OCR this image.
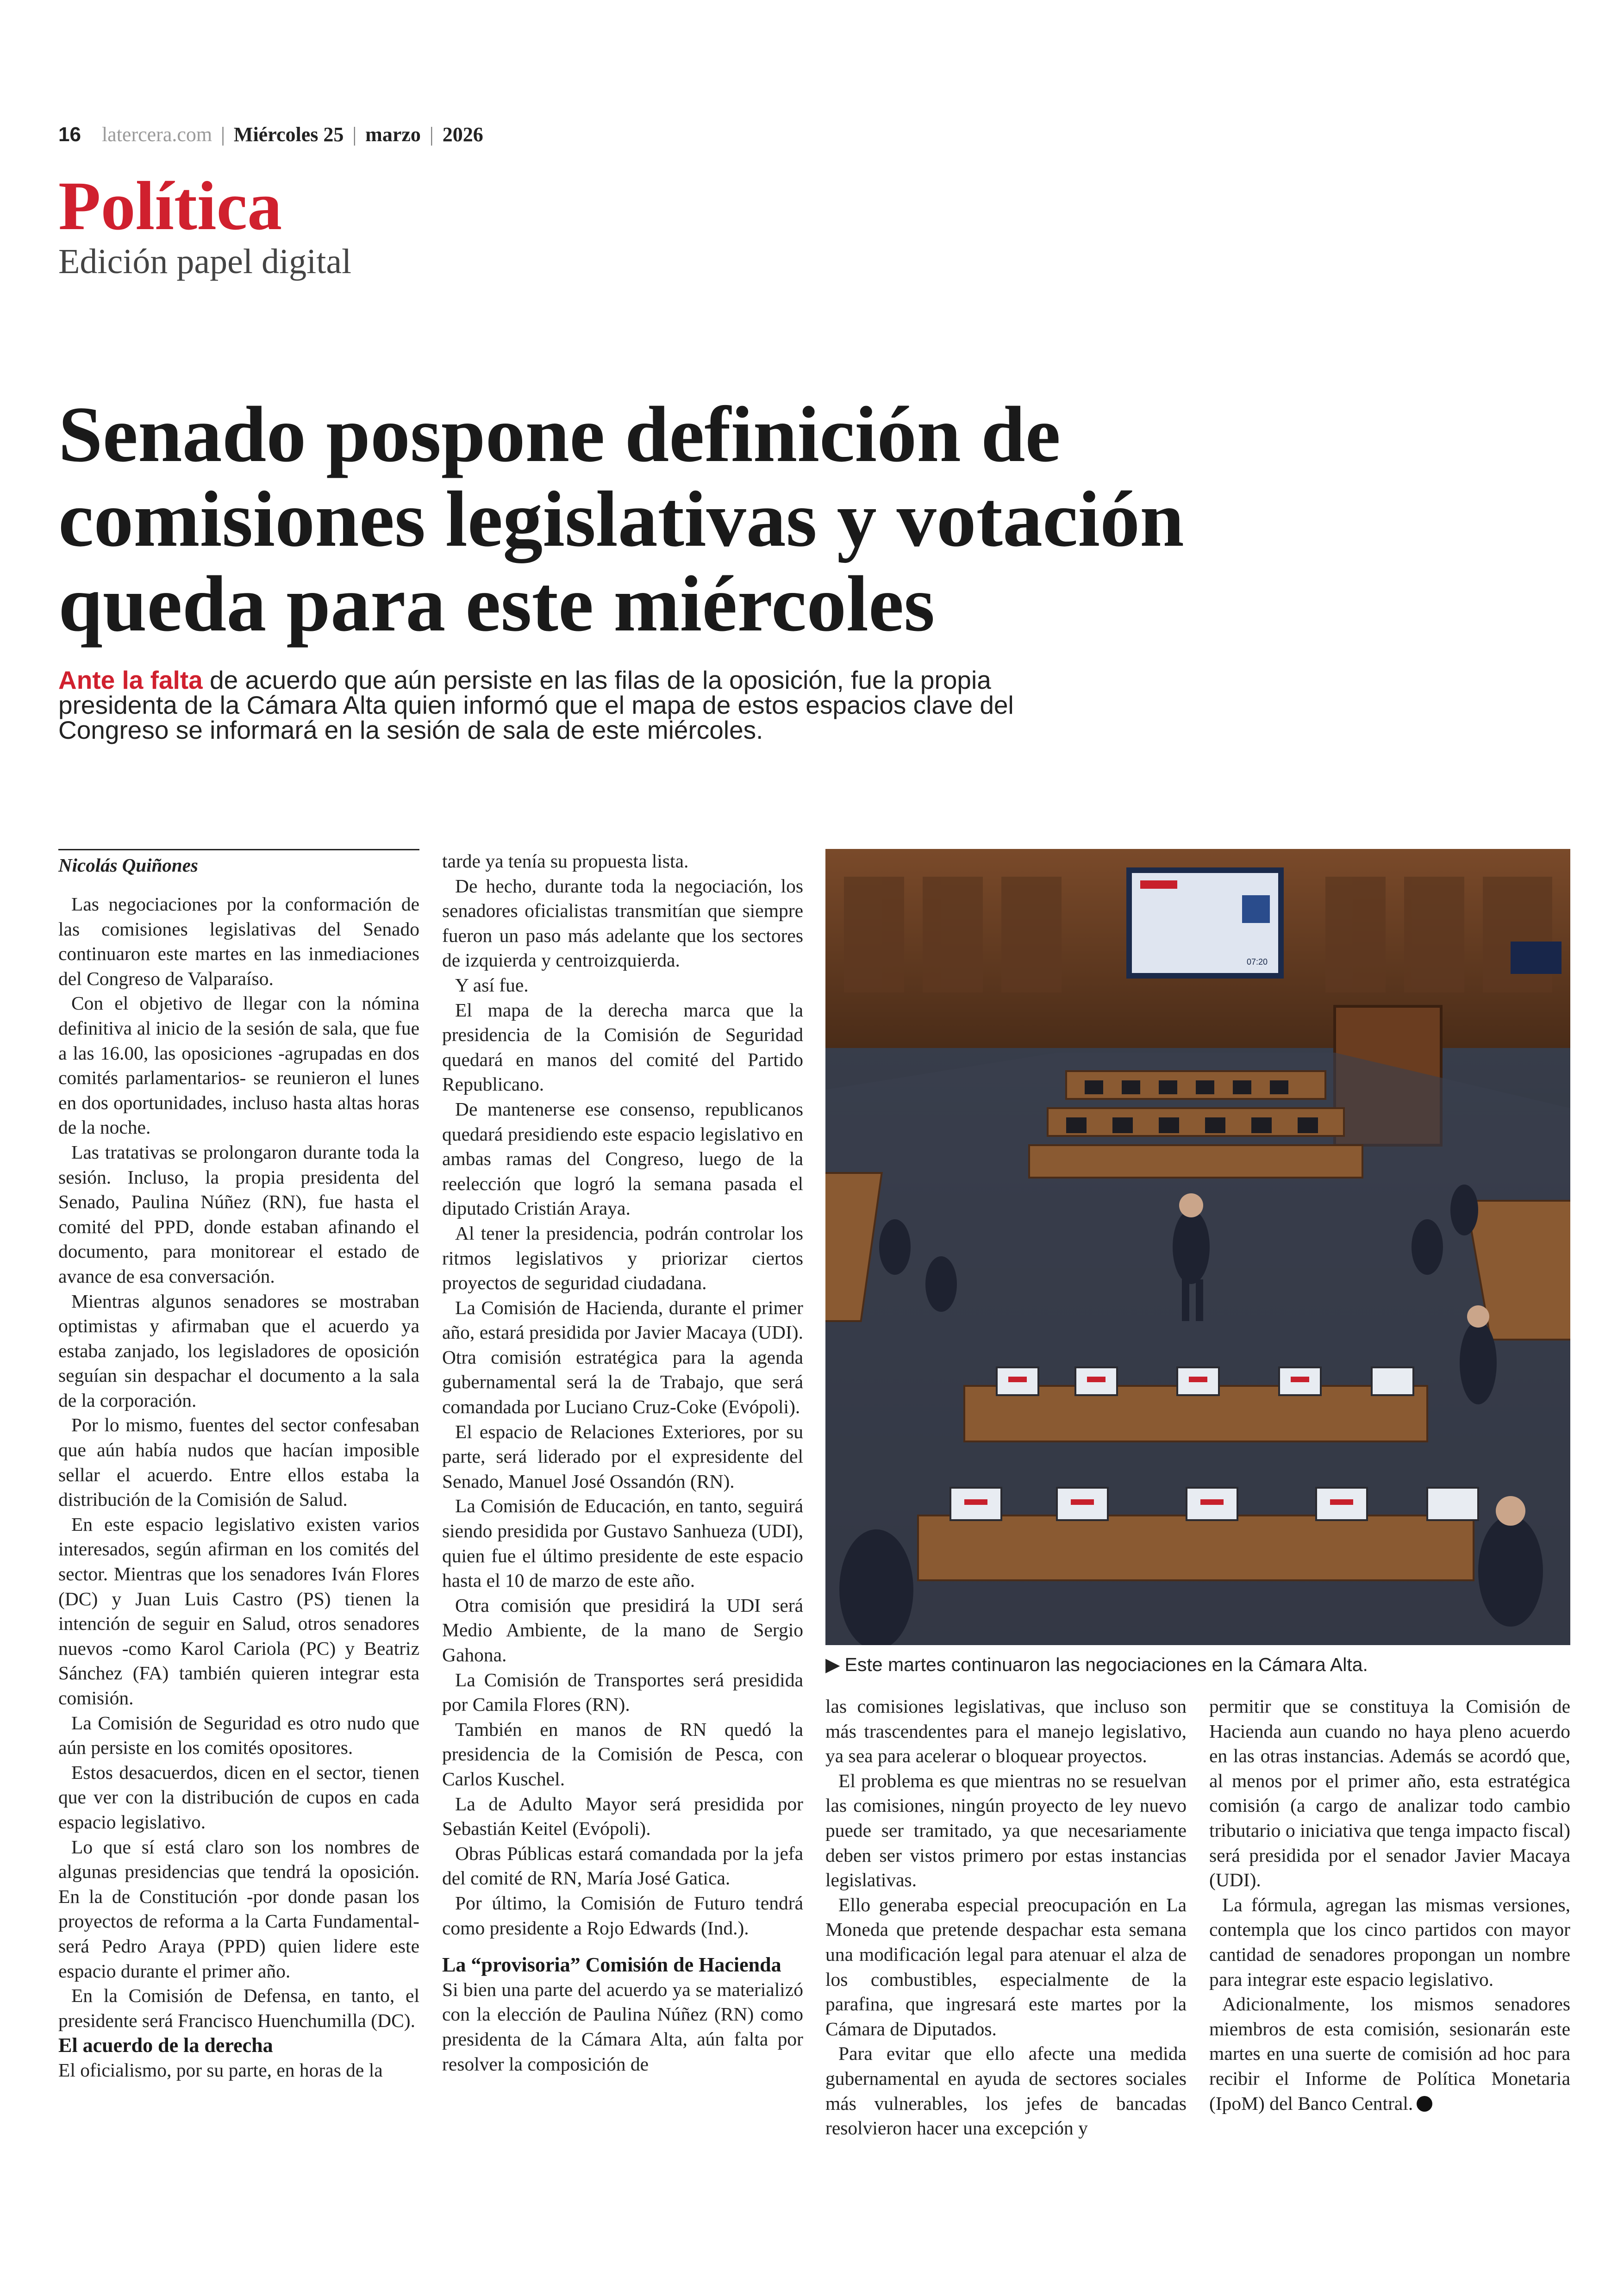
16 latercera.com | Miércoles 25 | marzo | 2026
Política
Edición papel digital
Senado pospone definición de comisiones legislativas y votación queda para este miércoles
Ante la falta de acuerdo que aún persiste en las filas de la oposición, fue la propia presidenta de la Cámara Alta quien informó que el mapa de estos espacios clave del Congreso se informará en la sesión de sala de este miércoles.
Nicolás Quiñones

Las negociaciones por la conformación de las comisiones legislativas del Senado continuaron este martes en las inmediaciones del Congreso de Valparaíso.

Con el objetivo de llegar con la nómina definitiva al inicio de la sesión de sala, que fue a las 16.00, las oposiciones -agrupadas en dos comités parlamentarios- se reunieron el lunes en dos oportunidades, incluso hasta altas horas de la noche.

Las tratativas se prolongaron durante toda la sesión. Incluso, la propia presidenta del Senado, Paulina Núñez (RN), fue hasta el comité del PPD, donde estaban afinando el documento, para monitorear el estado de avance de esa conversación.

Mientras algunos senadores se mostraban optimistas y afirmaban que el acuerdo ya estaba zanjado, los legisladores de oposición seguían sin despachar el documento a la sala de la corporación.

Por lo mismo, fuentes del sector confesaban que aún había nudos que hacían imposible sellar el acuerdo. Entre ellos estaba la distribución de la Comisión de Salud.

En este espacio legislativo existen varios interesados, según afirman en los comités del sector. Mientras que los senadores Iván Flores (DC) y Juan Luis Castro (PS) tienen la intención de seguir en Salud, otros senadores nuevos -como Karol Cariola (PC) y Beatriz Sánchez (FA) también quieren integrar esta comisión.

La Comisión de Seguridad es otro nudo que aún persiste en los comités opositores.

Estos desacuerdos, dicen en el sector, tienen que ver con la distribución de cupos en cada espacio legislativo.

Lo que sí está claro son los nombres de algunas presidencias que tendrá la oposición. En la de Constitución -por donde pasan los proyectos de reforma a la Carta Fundamental- será Pedro Araya (PPD) quien lidere este espacio durante el primer año.

En la Comisión de Defensa, en tanto, el presidente será Francisco Huenchumilla (DC).

El acuerdo de la derecha

El oficialismo, por su parte, en horas de la

tarde ya tenía su propuesta lista.

De hecho, durante toda la negociación, los senadores oficialistas transmitían que siempre fueron un paso más adelante que los sectores de izquierda y centroizquierda.

Y así fue.

El mapa de la derecha marca que la presidencia de la Comisión de Seguridad quedará en manos del comité del Partido Republicano.

De mantenerse ese consenso, republicanos quedará presidiendo este espacio legislativo en ambas ramas del Congreso, luego de la reelección que logró la semana pasada el diputado Cristián Araya.

Al tener la presidencia, podrán controlar los ritmos legislativos y priorizar ciertos proyectos de seguridad ciudadana.

La Comisión de Hacienda, durante el primer año, estará presidida por Javier Macaya (UDI). Otra comisión estratégica para la agenda gubernamental será la de Trabajo, que será comandada por Luciano Cruz-Coke (Evópoli).

El espacio de Relaciones Exteriores, por su parte, será liderado por el expresidente del Senado, Manuel José Ossandón (RN).

La Comisión de Educación, en tanto, seguirá siendo presidida por Gustavo Sanhueza (UDI), quien fue el último presidente de este espacio hasta el 10 de marzo de este año.

Otra comisión que presidirá la UDI será Medio Ambiente, de la mano de Sergio Gahona.

La Comisión de Transportes será presidida por Camila Flores (RN).

También en manos de RN quedó la presidencia de la Comisión de Pesca, con Carlos Kuschel.

La de Adulto Mayor será presidida por Sebastián Keitel (Evópoli).

Obras Públicas estará comandada por la jefa del comité de RN, María José Gatica.

Por último, la Comisión de Futuro tendrá como presidente a Rojo Edwards (Ind.).

La “provisoria” Comisión de Hacienda

Si bien una parte del acuerdo ya se materializó con la elección de Paulina Núñez (RN) como presidenta de la Cámara Alta, aún falta por resolver la composición de

07:20
▶ Este martes continuaron las negociaciones en la Cámara Alta.

las comisiones legislativas, que incluso son más trascendentes para el manejo legislativo, ya sea para acelerar o bloquear proyectos.

El problema es que mientras no se resuelvan las comisiones, ningún proyecto de ley nuevo puede ser tramitado, ya que necesariamente deben ser vistos primero por estas instancias legislativas.

Ello generaba especial preocupación en La Moneda que pretende despachar esta semana una modificación legal para atenuar el alza de los combustibles, especialmente de la parafina, que ingresará este martes por la Cámara de Diputados.

Para evitar que ello afecte una medida gubernamental en ayuda de sectores sociales más vulnerables, los jefes de bancadas resolvieron hacer una excepción y

permitir que se constituya la Comisión de Hacienda aun cuando no haya pleno acuerdo en las otras instancias. Además se acordó que, al menos por el primer año, esta estratégica comisión (a cargo de analizar todo cambio tributario o iniciativa que tenga impacto fiscal) será presidida por el senador Javier Macaya (UDI).

La fórmula, agregan las mismas versiones, contempla que los cinco partidos con mayor cantidad de senadores propongan un nombre para integrar este espacio legislativo.

Adicionalmente, los mismos senadores miembros de esta comisión, sesionarán este martes en una suerte de comisión ad hoc para recibir el Informe de Política Monetaria (IpoM) del Banco Central.
